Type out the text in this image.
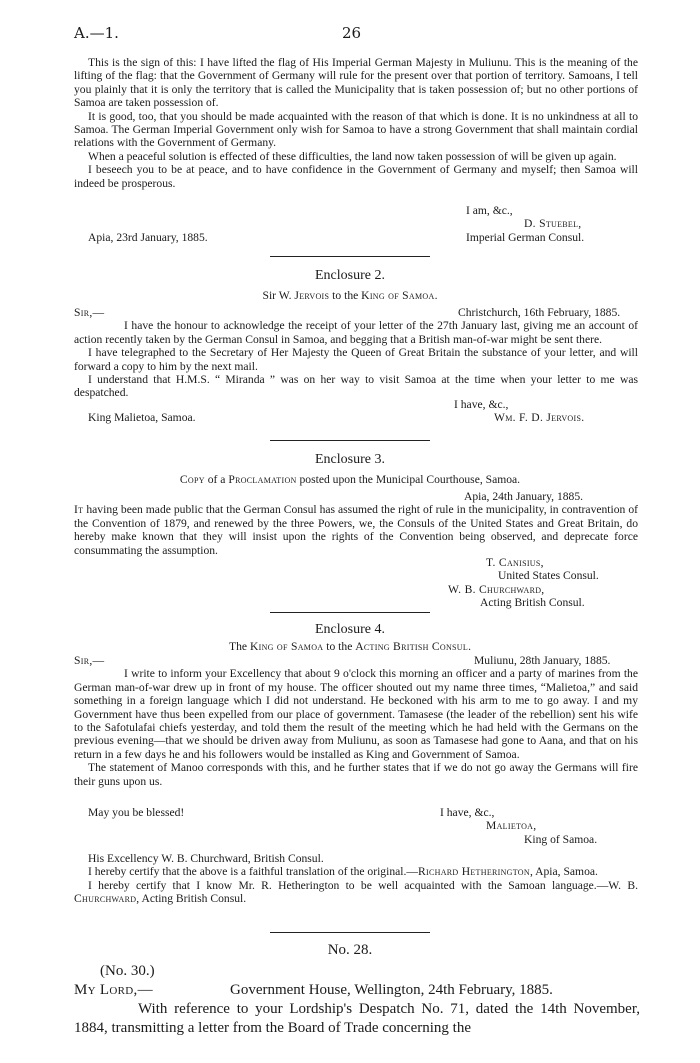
A.—1.	26

This is the sign of this: I have lifted the flag of His Imperial German Majesty in Muliunu. This is the meaning of the lifting of the flag: that the Government of Germany will rule for the present over that portion of territory. Samoans, I tell you plainly that it is only the territory that is called the Municipality that is taken possession of; but no other portions of Samoa are taken possession of.

It is good, too, that you should be made acquainted with the reason of that which is done. It is no unkindness at all to Samoa. The German Imperial Government only wish for Samoa to have a strong Government that shall maintain cordial relations with the Government of Germany.

When a peaceful solution is effected of these difficulties, the land now taken possession of will be given up again.

I beseech you to be at peace, and to have confidence in the Government of Germany and myself; then Samoa will indeed be prosperous.

I am, &c.,
D. Stuebel,
Apia, 23rd January, 1885.	Imperial German Consul.
Enclosure 2.
Sir W. Jervois to the King of Samoa.
Sir,—	Christchurch, 16th February, 1885.

I have the honour to acknowledge the receipt of your letter of the 27th January last, giving me an account of action recently taken by the German Consul in Samoa, and begging that a British man-of-war might be sent there.

I have telegraphed to the Secretary of Her Majesty the Queen of Great Britain the substance of your letter, and will forward a copy to him by the next mail.

I understand that H.M.S. “ Miranda ” was on her way to visit Samoa at the time when your letter to me was despatched.

I have, &c.,
King Malietoa, Samoa.	Wm. F. D. Jervois.
Enclosure 3.
Copy of a Proclamation posted upon the Municipal Courthouse, Samoa.
Apia, 24th January, 1885.

It having been made public that the German Consul has assumed the right of rule in the municipality, in contravention of the Convention of 1879, and renewed by the three Powers, we, the Consuls of the United States and Great Britain, do hereby make known that they will insist upon the rights of the Convention being observed, and deprecate force consummating the assumption.

T. Canisius,
United States Consul.
W. B. Churchward,
Acting British Consul.
Enclosure 4.
The King of Samoa to the Acting British Consul.
Sir,—	Muliunu, 28th January, 1885.

I write to inform your Excellency that about 9 o'clock this morning an officer and a party of marines from the German man-of-war drew up in front of my house. The officer shouted out my name three times, “Malietoa,” and said something in a foreign language which I did not understand. He beckoned with his arm to me to go away. I and my Government have thus been expelled from our place of government. Tamasese (the leader of the rebellion) sent his wife to the Safotulafai chiefs yesterday, and told them the result of the meeting which he had held with the Germans on the previous evening—that we should be driven away from Muliunu, as soon as Tamasese had gone to Aana, and that on his return in a few days he and his followers would be installed as King and Government of Samoa.

The statement of Manoo corresponds with this, and he further states that if we do not go away the Germans will fire their guns upon us.

May you be blessed!	I have, &c.,
Malietoa,
King of Samoa.
His Excellency W. B. Churchward, British Consul.

I hereby certify that the above is a faithful translation of the original.—Richard Hetherington, Apia, Samoa.

I hereby certify that I know Mr. R. Hetherington to be well acquainted with the Samoan language.—W. B. Churchward, Acting British Consul.

No. 28.
(No. 30.)
My Lord,—	Government House, Wellington, 24th February, 1885.

With reference to your Lordship's Despatch No. 71, dated the 14th November, 1884, transmitting a letter from the Board of Trade concerning the
